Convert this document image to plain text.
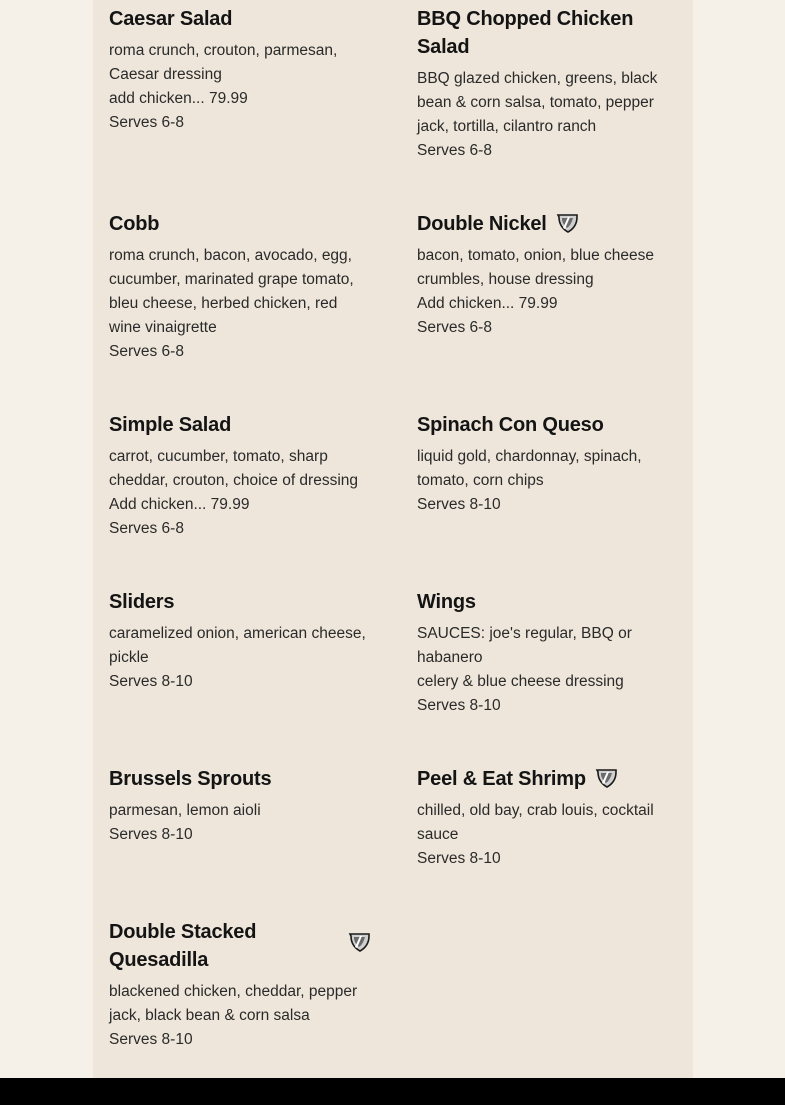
Caesar Salad
roma crunch, crouton, parmesan, Caesar dressing
add chicken... 79.99
Serves 6-8
BBQ Chopped Chicken Salad
BBQ glazed chicken, greens, black bean & corn salsa, tomato, pepper jack, tortilla, cilantro ranch
Serves 6-8
Cobb
roma crunch, bacon, avocado, egg, cucumber, marinated grape tomato, bleu cheese, herbed chicken, red wine vinaigrette
Serves 6-8
Double Nickel
bacon, tomato, onion, blue cheese crumbles, house dressing
Add chicken... 79.99
Serves 6-8
Simple Salad
carrot, cucumber, tomato, sharp cheddar, crouton, choice of dressing
Add chicken... 79.99
Serves 6-8
Spinach Con Queso
liquid gold, chardonnay, spinach, tomato, corn chips
Serves 8-10
Sliders
caramelized onion, american cheese, pickle
Serves 8-10
Wings
SAUCES: joe's regular, BBQ or habanero
celery & blue cheese dressing
Serves 8-10
Brussels Sprouts
parmesan, lemon aioli
Serves 8-10
Peel & Eat Shrimp
chilled, old bay, crab louis, cocktail sauce
Serves 8-10
Double Stacked Quesadilla
blackened chicken, cheddar, pepper jack, black bean & corn salsa
Serves 8-10
